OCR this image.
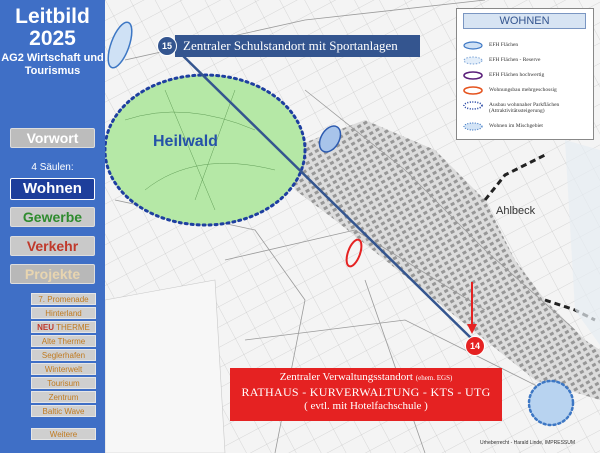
Leitbild
2025
AG2 Wirtschaft und Tourismus
Vorwort
4 Säulen:
Wohnen
Gewerbe
Verkehr
Projekte
7. Promenade
Hinterland
NEU THERME
Alte Therme
Seglerhafen
Winterwelt
Tourisum
Zentrum
Baltic Wave
Weitere
Heilwald
Ahlbeck
Zentraler Schulstandort mit Sportanlagen
15
14
Zentraler Verwaltungsstandort (ehem. EGS)
RATHAUS - KURVERWALTUNG - KTS - UTG
( evtl. mit Hotelfachschule )
WOHNEN
EFH Flächen
EFH Flächen - Reserve
EFH Flächen hochwertig
Wohnungsbau mehrgeschossig
Ausbau wohnnaher Parkflächen (Attraktivitätssteigerung)
Wohnen im Mischgebiet
Urheberrecht - Harald Linde, IMPRESSUM
